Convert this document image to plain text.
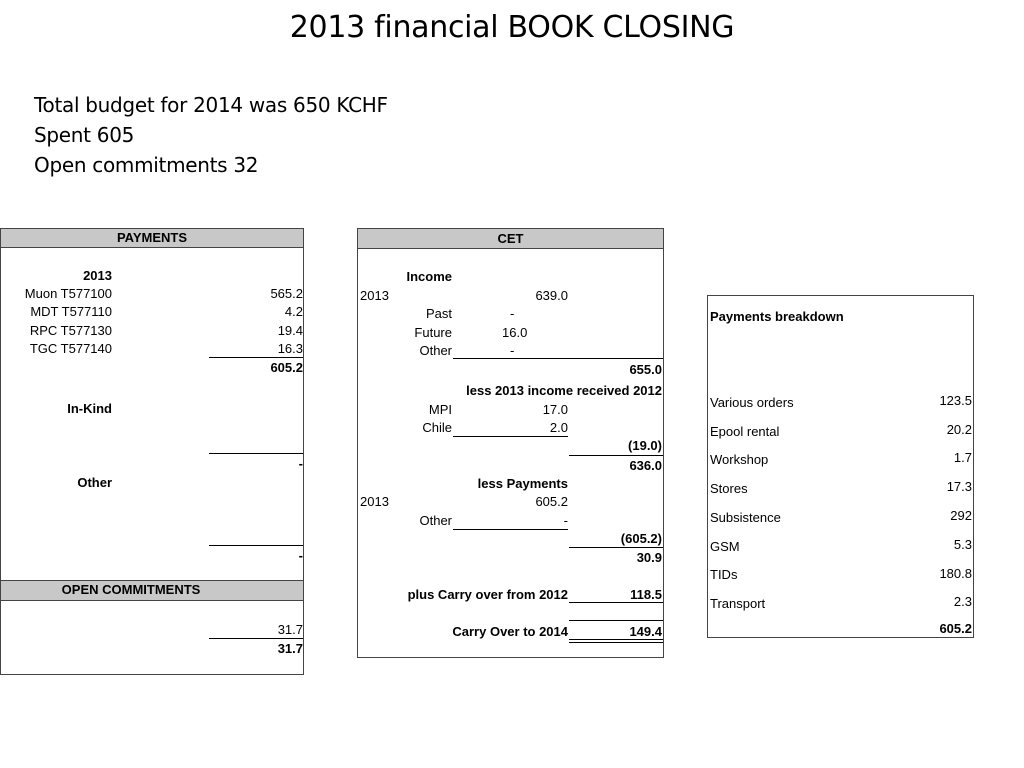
2013 financial BOOK CLOSING
Total budget for 2014 was 650 KCHF
Spent 605
Open commitments 32
PAYMENTS
2013
Muon T577100	565.2
MDT T577110	4.2
RPC T577130	19.4
TGC T577140	16.3
605.2
In-Kind
-
Other
-
OPEN COMMITMENTS
31.7
31.7
CET
Income
2013	639.0
Past	-
Future	16.0
Other	-
655.0
less 2013 income received 2012
MPI	17.0
Chile	2.0
(19.0)
636.0
less Payments
2013	605.2
Other	-
(605.2)
30.9
plus Carry over from 2012	118.5
Carry Over to 2014	149.4
Payments breakdown
Various orders	123.5
Epool rental	20.2
Workshop	1.7
Stores	17.3
Subsistence	292
GSM	5.3
TIDs	180.8
Transport	2.3
605.2
